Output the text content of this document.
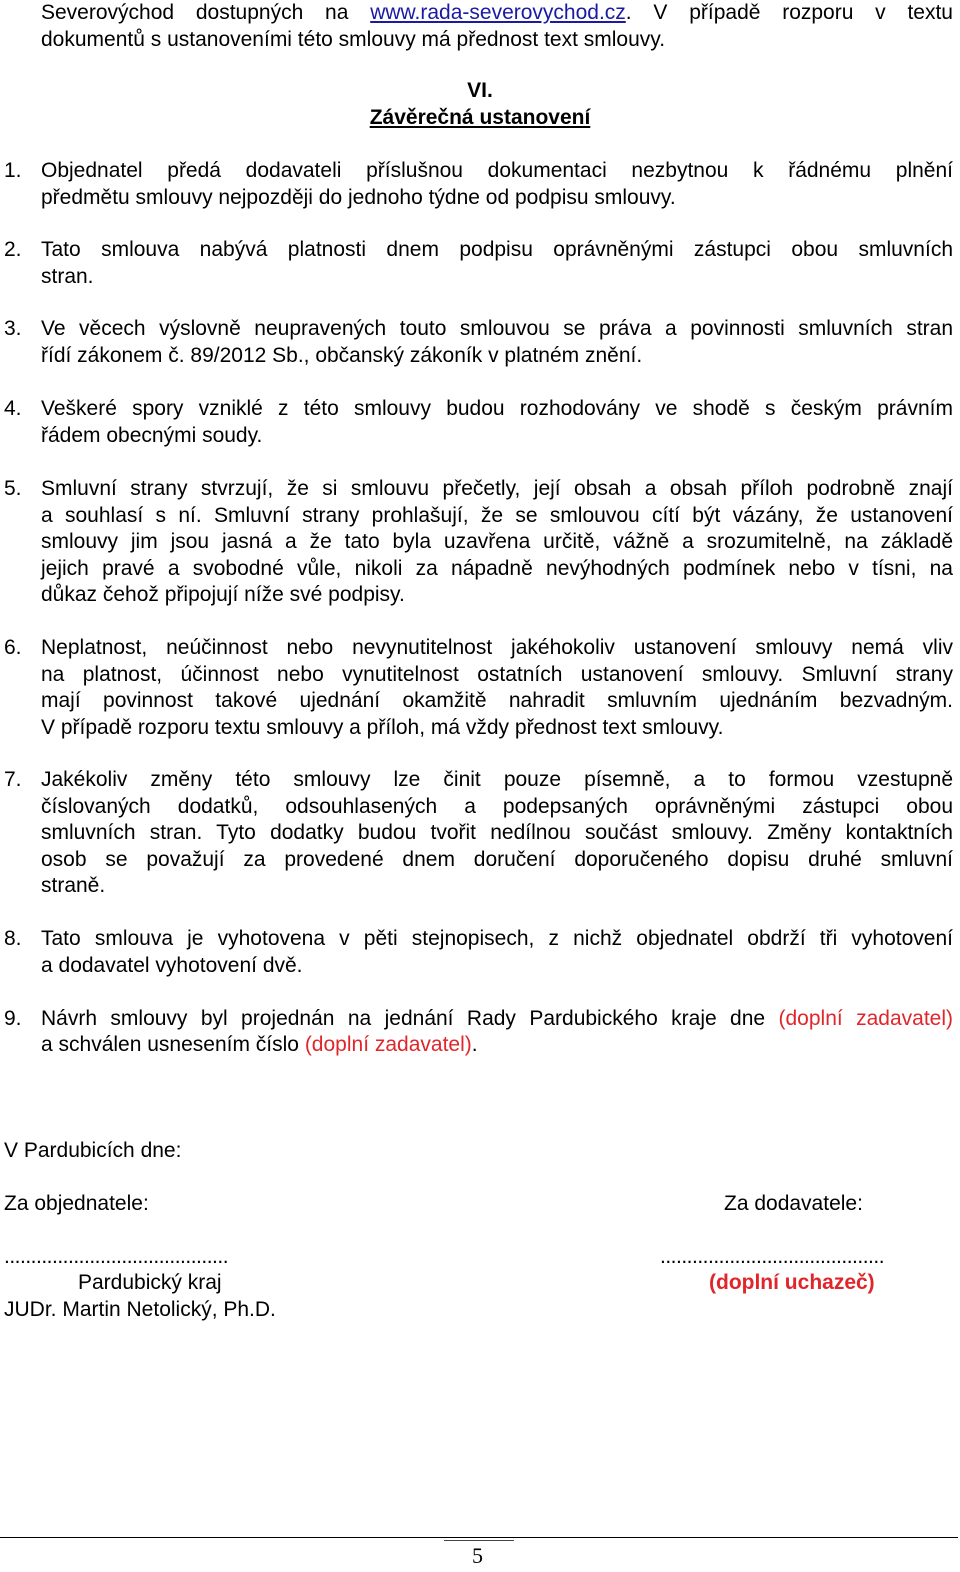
Severovýchod dostupných na www.rada-severovychod.cz. V případě rozporu v textu
dokumentů s ustanoveními této smlouvy má přednost text smlouvy.
VI.
Závěrečná ustanovení
1. Objednatel předá dodavateli příslušnou dokumentaci nezbytnou k řádnému plnění
předmětu smlouvy nejpozději do jednoho týdne od podpisu smlouvy.
2. Tato smlouva nabývá platnosti dnem podpisu oprávněnými zástupci obou smluvních
stran.
3. Ve věcech výslovně neupravených touto smlouvou se práva a povinnosti smluvních stran
řídí zákonem č. 89/2012 Sb., občanský zákoník v platném znění.
4. Veškeré spory vzniklé z této smlouvy budou rozhodovány ve shodě s českým právním
řádem obecnými soudy.
5. Smluvní strany stvrzují, že si smlouvu přečetly, její obsah a obsah příloh podrobně znají
a souhlasí s ní. Smluvní strany prohlašují, že se smlouvou cítí být vázány, že ustanovení
smlouvy jim jsou jasná a že tato byla uzavřena určitě, vážně a srozumitelně, na základě
jejich pravé a svobodné vůle, nikoli za nápadně nevýhodných podmínek nebo v tísni, na
důkaz čehož připojují níže své podpisy.
6. Neplatnost, neúčinnost nebo nevynutitelnost jakéhokoliv ustanovení smlouvy nemá vliv
na platnost, účinnost nebo vynutitelnost ostatních ustanovení smlouvy. Smluvní strany
mají povinnost takové ujednání okamžitě nahradit smluvním ujednáním bezvadným.
V případě rozporu textu smlouvy a příloh, má vždy přednost text smlouvy.
7. Jakékoliv změny této smlouvy lze činit pouze písemně, a to formou vzestupně
číslovaných dodatků, odsouhlasených a podepsaných oprávněnými zástupci obou
smluvních stran. Tyto dodatky budou tvořit nedílnou součást smlouvy. Změny kontaktních
osob se považují za provedené dnem doručení doporučeného dopisu druhé smluvní
straně.
8. Tato smlouva je vyhotovena v pěti stejnopisech, z nichž objednatel obdrží tři vyhotovení
a dodavatel vyhotovení dvě.
9. Návrh smlouvy byl projednán na jednání Rady Pardubického kraje dne (doplní zadavatel)
a schválen usnesením číslo (doplní zadavatel).
V Pardubicích dne:
Za objednatele:	Za dodavatele:
..........................................	..........................................
Pardubický kraj	(doplní uchazeč)
JUDr. Martin Netolický, Ph.D.
5
